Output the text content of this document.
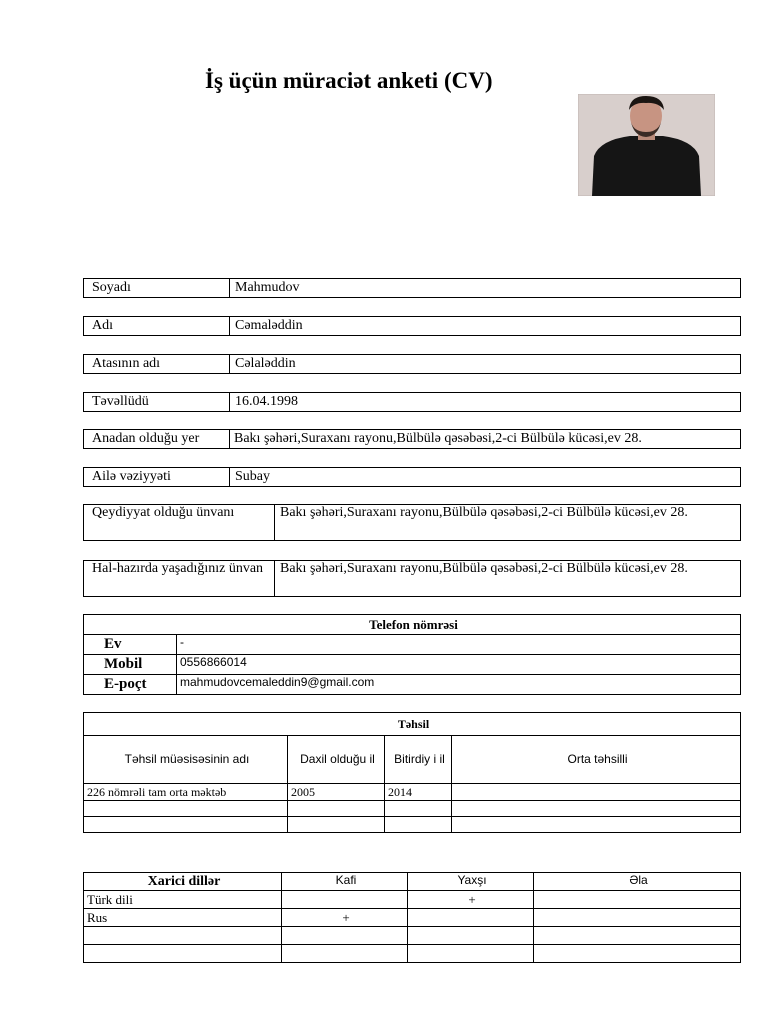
İş üçün müraciət anketi (CV)
Soyadı	Mahmudov
Adı	Cəmaləddin
Atasının adı	Cəlaləddin
Təvəllüdü	16.04.1998
Anadan olduğu yer	Bakı şəhəri,Suraxanı rayonu,Bülbülə qəsəbəsi,2-ci Bülbülə kücəsi,ev 28.
Ailə vəziyyəti	Subay
Qeydiyyat olduğu ünvanı	Bakı şəhəri,Suraxanı rayonu,Bülbülə qəsəbəsi,2-ci Bülbülə kücəsi,ev 28.
Hal-hazırda yaşadığınız ünvan	Bakı şəhəri,Suraxanı rayonu,Bülbülə qəsəbəsi,2-ci Bülbülə kücəsi,ev 28.
Telefon nömrəsi	
Ev	-
Mobil	0556866014
E-poçt	mahmudovcemaleddin9@gmail.com
Təhsil			
Təhsil müəsisəsinin adı	Daxil olduğu il	Bitirdiy i il	Orta təhsilli
226 nömrəli tam orta məktəb	2005	2014	

Xarici dillər	Kafi	Yaxşı	Əla
Türk dili		+	
Rus	+		
